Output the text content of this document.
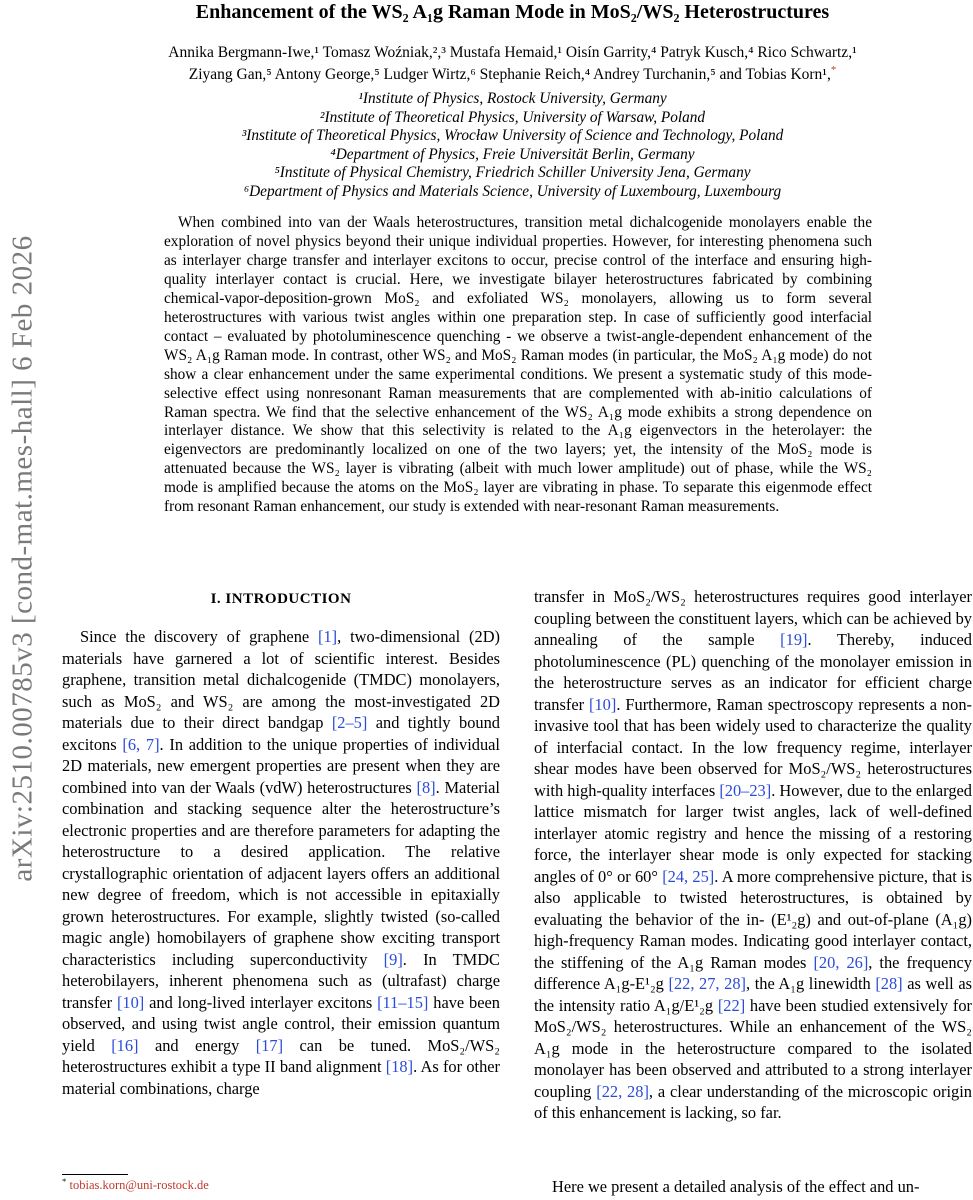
arXiv:2510.00785v3 [cond-mat.mes-hall] 6 Feb 2026
Enhancement of the WS₂ A₁g Raman Mode in MoS₂/WS₂ Heterostructures
Annika Bergmann-Iwe,¹ Tomasz Woźniak,²,³ Mustafa Hemaid,¹ Oisín Garrity,⁴ Patryk Kusch,⁴ Rico Schwartz,¹
Ziyang Gan,⁵ Antony George,⁵ Ludger Wirtz,⁶ Stephanie Reich,⁴ Andrey Turchanin,⁵ and Tobias Korn¹,*
¹Institute of Physics, Rostock University, Germany
²Institute of Theoretical Physics, University of Warsaw, Poland
³Institute of Theoretical Physics, Wrocław University of Science and Technology, Poland
⁴Department of Physics, Freie Universität Berlin, Germany
⁵Institute of Physical Chemistry, Friedrich Schiller University Jena, Germany
⁶Department of Physics and Materials Science, University of Luxembourg, Luxembourg
When combined into van der Waals heterostructures, transition metal dichalcogenide monolayers enable the exploration of novel physics beyond their unique individual properties. However, for interesting phenomena such as interlayer charge transfer and interlayer excitons to occur, precise control of the interface and ensuring high-quality interlayer contact is crucial. Here, we investigate bilayer heterostructures fabricated by combining chemical-vapor-deposition-grown MoS₂ and exfoliated WS₂ monolayers, allowing us to form several heterostructures with various twist angles within one preparation step. In case of sufficiently good interfacial contact – evaluated by photoluminescence quenching - we observe a twist-angle-dependent enhancement of the WS₂ A₁g Raman mode. In contrast, other WS₂ and MoS₂ Raman modes (in particular, the MoS₂ A₁g mode) do not show a clear enhancement under the same experimental conditions. We present a systematic study of this mode-selective effect using nonresonant Raman measurements that are complemented with ab-initio calculations of Raman spectra. We find that the selective enhancement of the WS₂ A₁g mode exhibits a strong dependence on interlayer distance. We show that this selectivity is related to the A₁g eigenvectors in the heterolayer: the eigenvectors are predominantly localized on one of the two layers; yet, the intensity of the MoS₂ mode is attenuated because the WS₂ layer is vibrating (albeit with much lower amplitude) out of phase, while the WS₂ mode is amplified because the atoms on the MoS₂ layer are vibrating in phase. To separate this eigenmode effect from resonant Raman enhancement, our study is extended with near-resonant Raman measurements.
I. INTRODUCTION

Since the discovery of graphene [1], two-dimensional (2D) materials have garnered a lot of scientific interest. Besides graphene, transition metal dichalcogenide (TMDC) monolayers, such as MoS₂ and WS₂ are among the most-investigated 2D materials due to their direct bandgap [2–5] and tightly bound excitons [6, 7]. In addition to the unique properties of individual 2D materials, new emergent properties are present when they are combined into van der Waals (vdW) heterostructures [8]. Material combination and stacking sequence alter the heterostructure’s electronic properties and are therefore parameters for adapting the heterostructure to a desired application. The relative crystallographic orientation of adjacent layers offers an additional new degree of freedom, which is not accessible in epitaxially grown heterostructures. For example, slightly twisted (so-called magic angle) homobilayers of graphene show exciting transport characteristics including superconductivity [9]. In TMDC heterobilayers, inherent phenomena such as (ultrafast) charge transfer [10] and long-lived interlayer excitons [11–15] have been observed, and using twist angle control, their emission quantum yield [16] and energy [17] can be tuned. MoS₂/WS₂ heterostructures exhibit a type II band alignment [18]. As for other material combinations, charge

transfer in MoS₂/WS₂ heterostructures requires good interlayer coupling between the constituent layers, which can be achieved by annealing of the sample [19]. Thereby, induced photoluminescence (PL) quenching of the monolayer emission in the heterostructure serves as an indicator for efficient charge transfer [10]. Furthermore, Raman spectroscopy represents a non-invasive tool that has been widely used to characterize the quality of interfacial contact. In the low frequency regime, interlayer shear modes have been observed for MoS₂/WS₂ heterostructures with high-quality interfaces [20–23]. However, due to the enlarged lattice mismatch for larger twist angles, lack of well-defined interlayer atomic registry and hence the missing of a restoring force, the interlayer shear mode is only expected for stacking angles of 0° or 60° [24, 25]. A more comprehensive picture, that is also applicable to twisted heterostructures, is obtained by evaluating the behavior of the in- (E¹₂g) and out-of-plane (A₁g) high-frequency Raman modes. Indicating good interlayer contact, the stiffening of the A₁g Raman modes [20, 26], the frequency difference A₁g-E¹₂g [22, 27, 28], the A₁g linewidth [28] as well as the intensity ratio A₁g/E¹₂g [22] have been studied extensively for MoS₂/WS₂ heterostructures. While an enhancement of the WS₂ A₁g mode in the heterostructure compared to the isolated monolayer has been observed and attributed to a strong interlayer coupling [22, 28], a clear understanding of the microscopic origin of this enhancement is lacking, so far.

Here we present a detailed analysis of the effect and un-
* tobias.korn@uni-rostock.de
